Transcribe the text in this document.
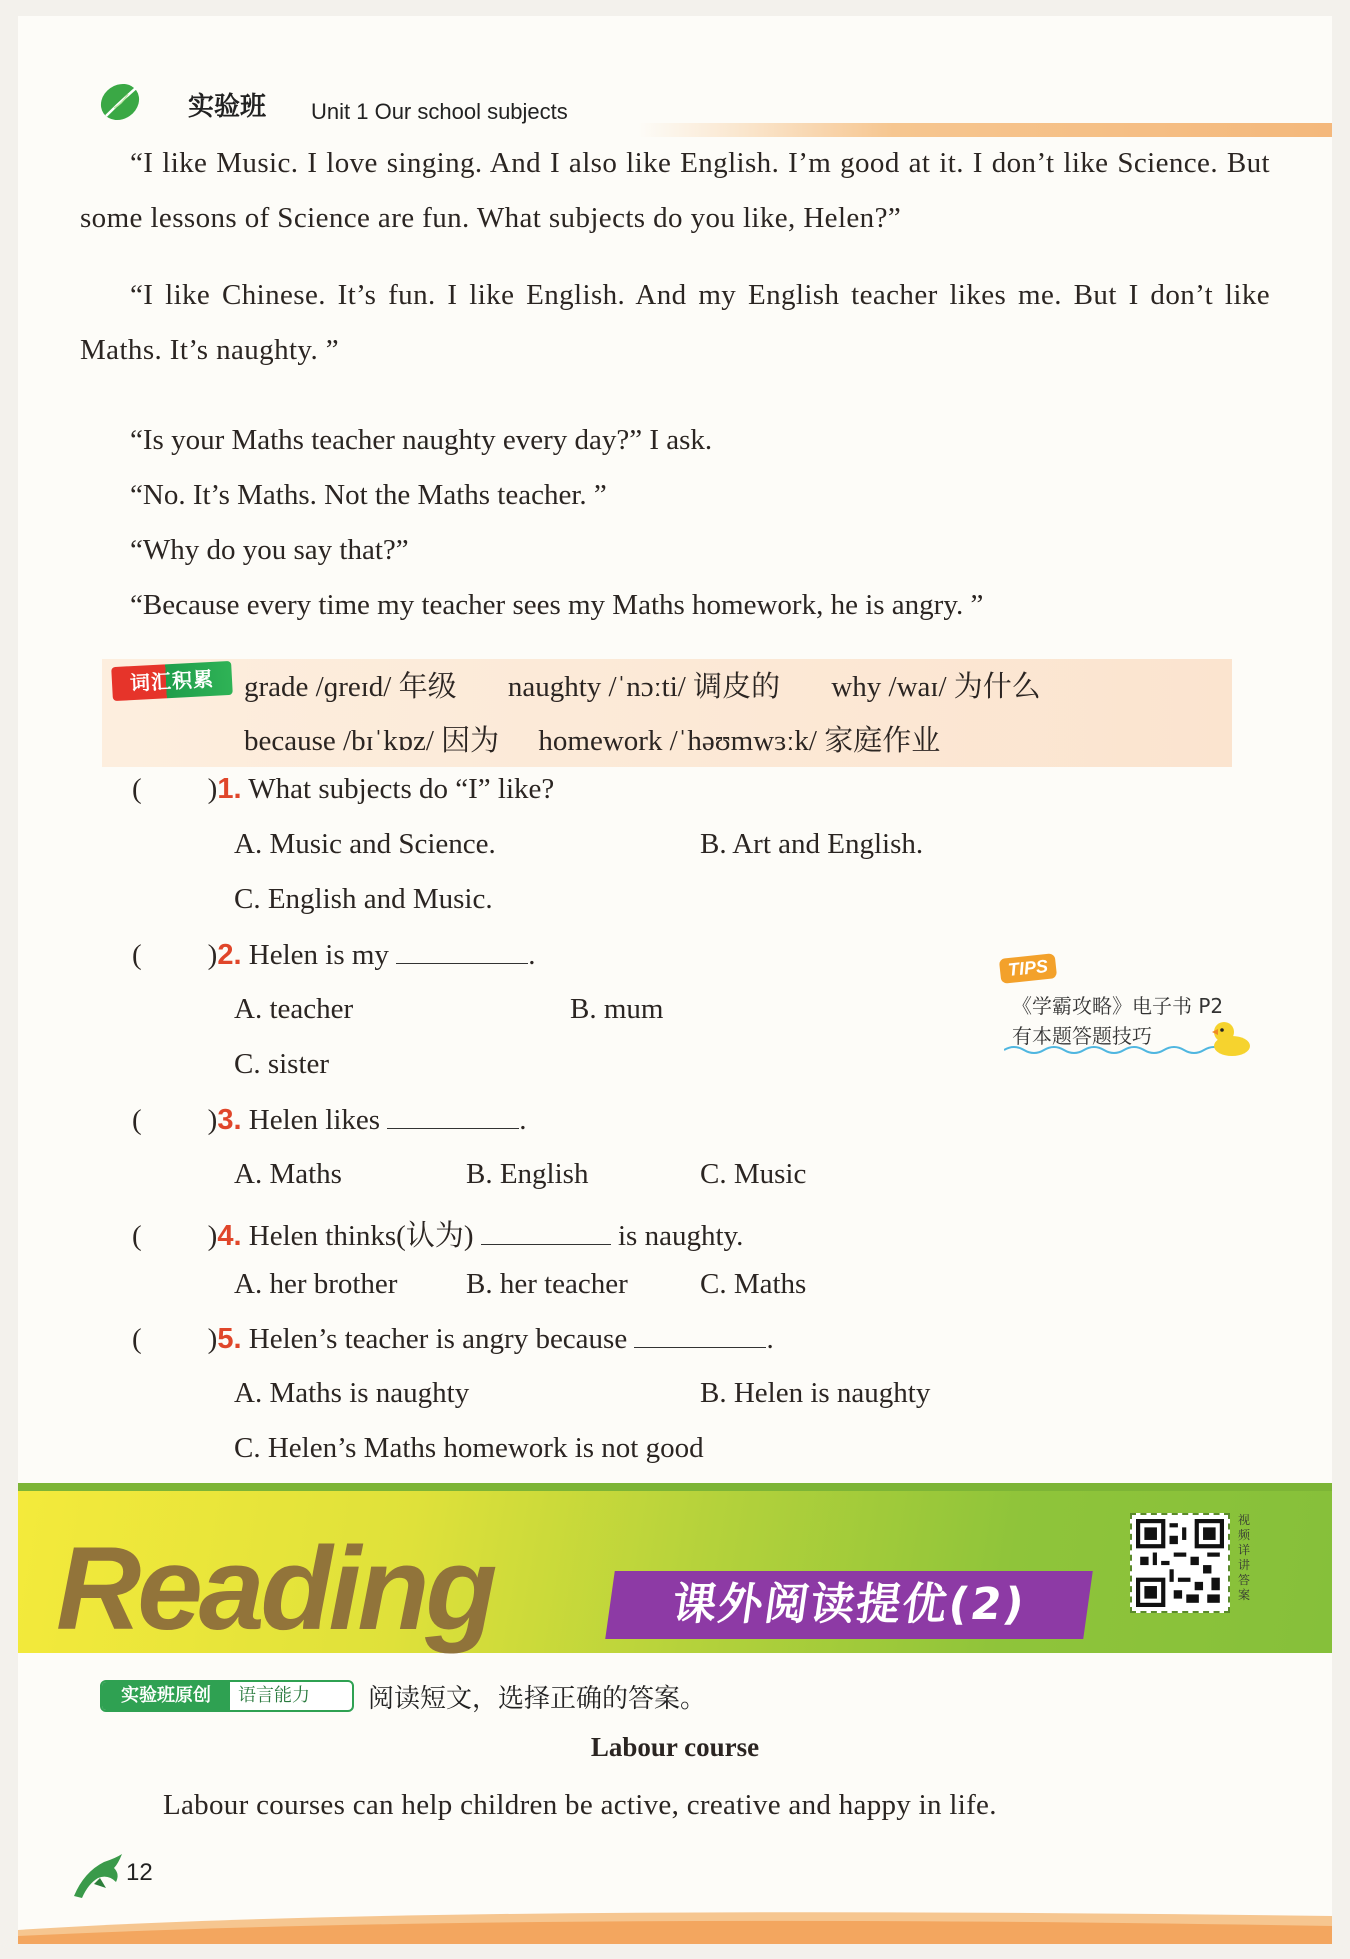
实验班 Unit 1 Our school subjects
“I like Music. I love singing. And I also like English. I’m good at it. I don’t like Science. But some lessons of Science are fun. What subjects do you like, Helen?”
“I like Chinese. It’s fun. I like English. And my English teacher likes me. But I don’t like Maths. It’s naughty. ”
“Is your Maths teacher naughty every day?” I ask.
“No. It’s Maths. Not the Maths teacher. ”
“Why do you say that?”
“Because every time my teacher sees my Maths homework, he is angry. ”
词汇积累	grade /ɡreɪd/ 年级 naughty /ˈnɔːti/ 调皮的 why /waɪ/ 为什么
because /bɪˈkɒz/ 因为 homework /ˈhəʊmwɜːk/ 家庭作业
( )1. What subjects do “I” like?
A. Music and Science.	B. Art and English.
C. English and Music.
( )2. Helen is my	.
A. teacher	B. mum
C. sister
TIPS
《学霸攻略》电子书 P2
有本题答题技巧
( )3. Helen likes	.
A. Maths	B. English	C. Music
( )4. Helen thinks(认为)	is naughty.
A. her brother B. her teacher C. Maths
( )5. Helen’s teacher is angry because	.
A. Maths is naughty	B. Helen is naughty
C. Helen’s Maths homework is not good
Reading	课外阅读提优(2)
视频详讲答案
实验班原创	语言能力 阅读短文，选择正确的答案。
Labour course
Labour courses can help children be active, creative and happy in life.
12
